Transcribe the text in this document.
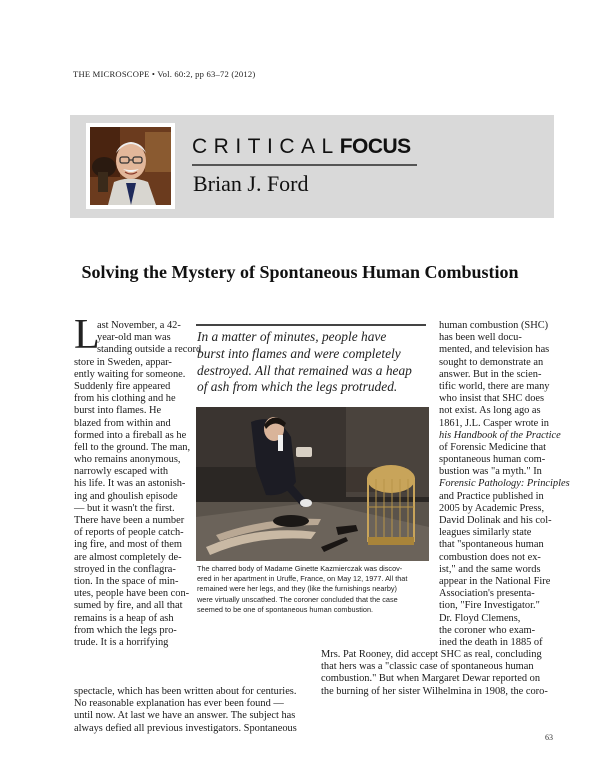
THE MICROSCOPE • Vol. 60:2, pp 63–72 (2012)
CRITICALFOCUS
Brian J. Ford
Solving the Mystery of Spontaneous Human Combustion
L
ast November, a 42-
year-old man was
standing outside a record
store in Sweden, appar-
ently waiting for someone.
Suddenly fire appeared
from his clothing and he
burst into flames. He
blazed from within and
formed into a fireball as he
fell to the ground. The man,
who remains anonymous,
narrowly escaped with
his life. It was an astonish-
ing and ghoulish episode
— but it wasn't the first.
There have been a number
of reports of people catch-
ing fire, and most of them
are almost completely de-
stroyed in the conflagra-
tion. In the space of min-
utes, people have been con-
sumed by fire, and all that
remains is a heap of ash
from which the legs pro-
trude. It is a horrifying
spectacle, which has been written about for centuries.
No reasonable explanation has ever been found —
until now. At last we have an answer. The subject has
always defied all previous investigators. Spontaneous
In a matter of minutes, people have
burst into flames and were completely
destroyed. All that remained was a heap
of ash from which the legs protruded.
The charred body of Madame Ginette Kazmierczak was discov-
ered in her apartment in Uruffe, France, on May 12, 1977. All that
remained were her legs, and they (like the furnishings nearby)
were virtually unscathed. The coroner concluded that the case
seemed to be one of spontaneous human combustion.
human combustion (SHC)
has been well docu-
mented, and television has
sought to demonstrate an
answer. But in the scien-
tific world, there are many
who insist that SHC does
not exist. As long ago as
1861, J.L. Casper wrote in
his Handbook of the Practice
of Forensic Medicine that
spontaneous human com-
bustion was "a myth." In
Forensic Pathology: Principles
and Practice published in
2005 by Academic Press,
David Dolinak and his col-
leagues similarly state
that "spontaneous human
combustion does not ex-
ist," and the same words
appear in the National Fire
Association's presenta-
tion, "Fire Investigator."
Dr. Floyd Clemens,
the coroner who exam-
ined the death in 1885 of
Mrs. Pat Rooney, did accept SHC as real, concluding
that hers was a "classic case of spontaneous human
combustion." But when Margaret Dewar reported on
the burning of her sister Wilhelmina in 1908, the coro-
63
